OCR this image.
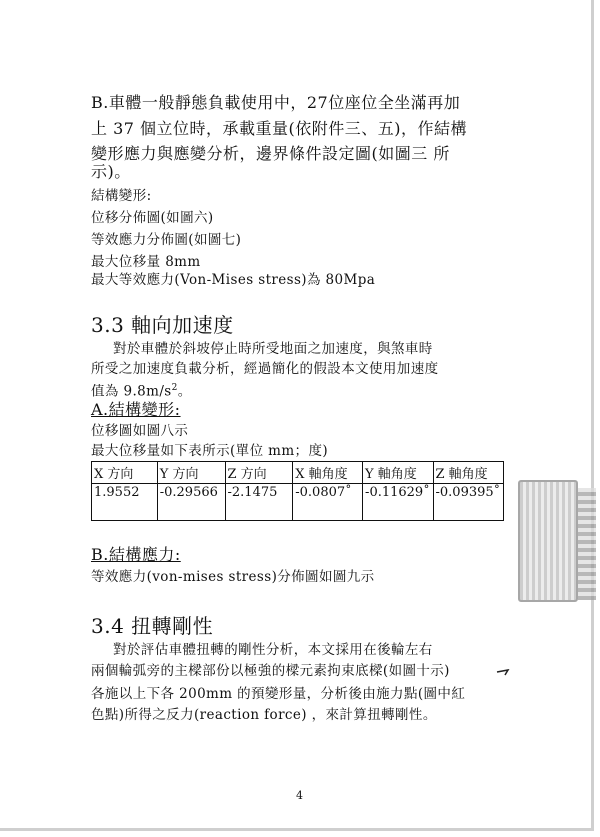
B.車體一般靜態負載使用中，27位座位全坐滿再加
上 37 個立位時，承載重量(依附件三、五)，作結構
變形應力與應變分析，邊界條件設定圖(如圖三 所
示)。
結構變形:
位移分佈圖(如圖六)
等效應力分佈圖(如圖七)
最大位移量 8mm
最大等效應力(Von-Mises stress)為 80Mpa
3.3 軸向加速度
對於車體於斜坡停止時所受地面之加速度，與煞車時
所受之加速度負載分析，經過簡化的假設本文使用加速度
值為 $9.8m/s^2$。
A.結構變形:
位移圖如圖八示
最大位移量如下表所示(單位 mm；度)
X 方向	Y 方向	Z 方向	X 軸角度	Y 軸角度	Z 軸角度
1.9552	-0.29566	-2.1475	-0.0807˚	-0.11629˚	-0.09395˚
B.結構應力:
等效應力(von-mises stress)分佈圖如圖九示
3.4 扭轉剛性
對於評估車體扭轉的剛性分析，本文採用在後輪左右
兩個輪弧旁的主樑部份以極強的樑元素拘束底樑(如圖十示)
各施以上下各 200mm 的預變形量，分析後由施力點(圖中紅
色點)所得之反力(reaction force) ，來計算扭轉剛性。
4
